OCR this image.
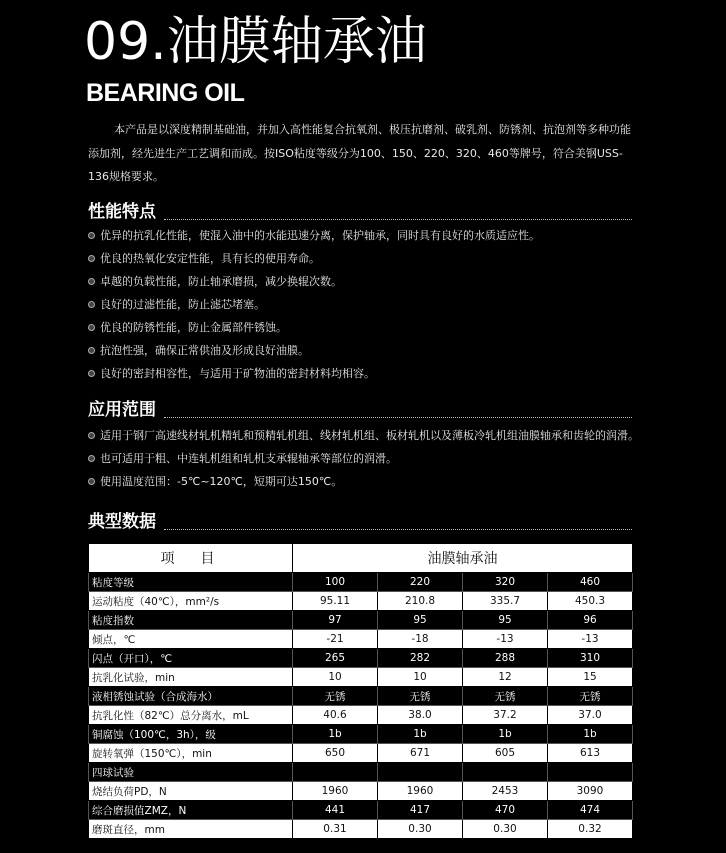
09.油膜轴承油
BEARING OIL

本产品是以深度精制基础油，并加入高性能复合抗氧剂、极压抗磨剂、破乳剂、防锈剂、抗泡剂等多种功能添加剂，经先进生产工艺调和而成。按ISO粘度等级分为100、150、220、320、460等牌号，符合美钢USS-136规格要求。

性能特点
优异的抗乳化性能，使混入油中的水能迅速分离，保护轴承，同时具有良好的水质适应性。
优良的热氧化安定性能，具有长的使用寿命。
卓越的负载性能，防止轴承磨损，减少换辊次数。
良好的过滤性能，防止滤芯堵塞。
优良的防锈性能，防止金属部件锈蚀。
抗泡性强，确保正常供油及形成良好油膜。
良好的密封相容性，与适用于矿物油的密封材料均相容。
应用范围
适用于钢厂高速线材轧机精轧和预精轧机组、线材轧机组、板材轧机以及薄板冷轧机组油膜轴承和齿轮的润滑。
也可适用于粗、中连轧机组和轧机支承辊轴承等部位的润滑。
使用温度范围：-5℃~120℃，短期可达150℃。
典型数据
项　目	油膜轴承油			
粘度等级	100	220	320	460
运动粘度（40℃），mm²/s	95.11	210.8	335.7	450.3
粘度指数	97	95	95	96
倾点，℃	-21	-18	-13	-13
闪点（开口），℃	265	282	288	310
抗乳化试验，min	10	10	12	15
液相锈蚀试验（合成海水）	无锈	无锈	无锈	无锈
抗乳化性（82℃）总分离水，mL	40.6	38.0	37.2	37.0
铜腐蚀（100℃，3h），级	1b	1b	1b	1b
旋转氧弹（150℃），min	650	671	605	613
四球试验				
烧结负荷PD，N	1960	1960	2453	3090
综合磨损值ZMZ，N	441	417	470	474
磨斑直径，mm	0.31	0.30	0.30	0.32
